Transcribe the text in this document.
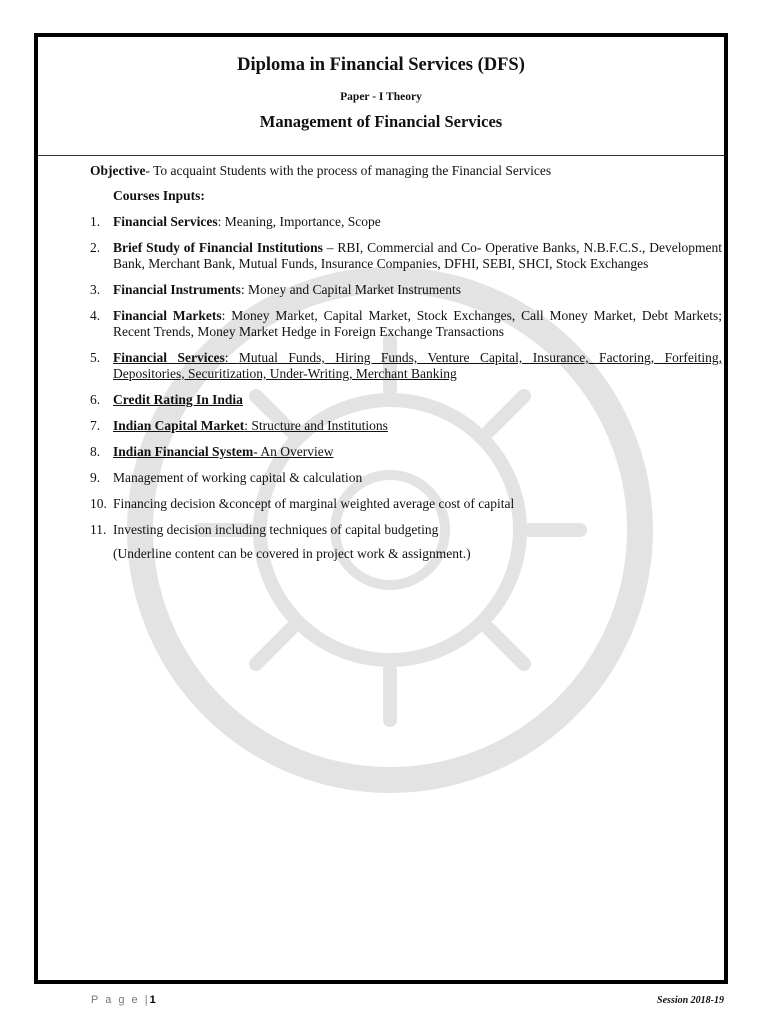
Diploma in Financial Services (DFS)
Paper - I Theory
Management of Financial Services
Objective- To acquaint Students with the process of managing the Financial Services
Courses Inputs:
1. Financial Services: Meaning, Importance, Scope
2. Brief Study of Financial Institutions – RBI, Commercial and Co- Operative Banks, N.B.F.C.S., Development Bank, Merchant Bank, Mutual Funds, Insurance Companies, DFHI, SEBI, SHCI, Stock Exchanges
3. Financial Instruments: Money and Capital Market Instruments
4. Financial Markets: Money Market, Capital Market, Stock Exchanges, Call Money Market, Debt Markets; Recent Trends, Money Market Hedge in Foreign Exchange Transactions
5. Financial Services: Mutual Funds, Hiring Funds, Venture Capital, Insurance, Factoring, Forfeiting, Depositories, Securitization, Under-Writing, Merchant Banking
6. Credit Rating In India
7. Indian Capital Market: Structure and Institutions
8. Indian Financial System- An Overview
9. Management of working capital & calculation
10. Financing decision &concept of marginal weighted average cost of capital
11. Investing decision including techniques of capital budgeting
(Underline content can be covered in project work & assignment.)
P a g e |1	Session 2018-19
